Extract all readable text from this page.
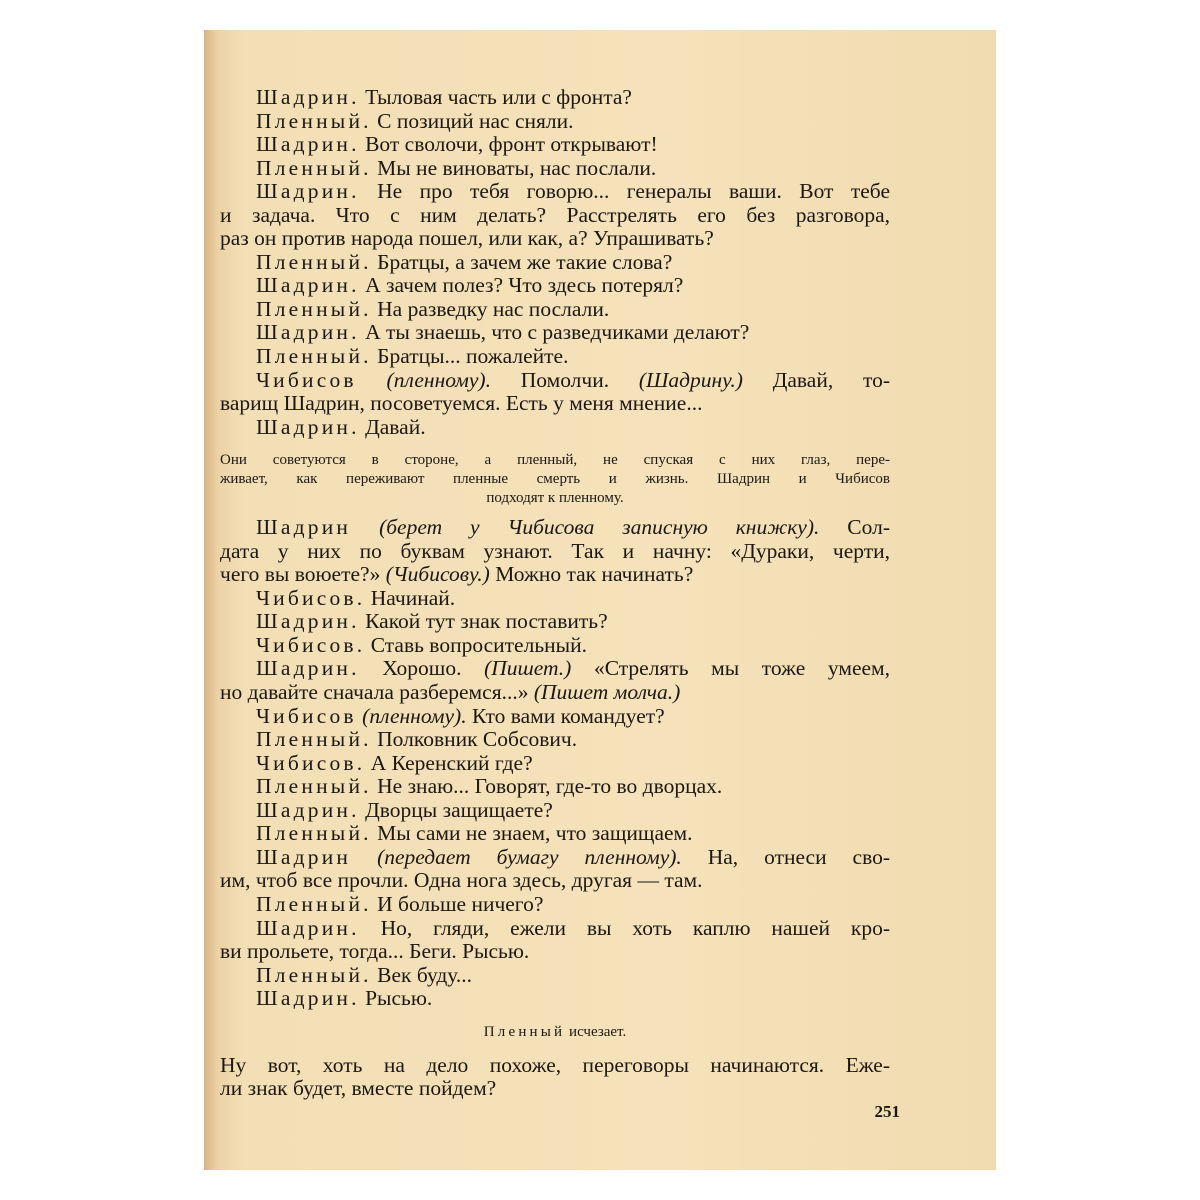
Шадрин. Тыловая часть или с фронта?
Пленный. С позиций нас сняли.
Шадрин. Вот сволочи, фронт открывают!
Пленный. Мы не виноваты, нас послали.
Шадрин. Не про тебя говорю... генералы ваши. Вот тебе
и задача. Что с ним делать? Расстрелять его без разговора,
раз он против народа пошел, или как, а? Упрашивать?
Пленный. Братцы, а зачем же такие слова?
Шадрин. А зачем полез? Что здесь потерял?
Пленный. На разведку нас послали.
Шадрин. А ты знаешь, что с разведчиками делают?
Пленный. Братцы... пожалейте.
Чибисов (пленному). Помолчи. (Шадрину.) Давай, то-
варищ Шадрин, посоветуемся. Есть у меня мнение...
Шадрин. Давай.
Они советуются в стороне, а пленный, не спуская с них глаз, пере-
живает, как переживают пленные смерть и жизнь. Шадрин и Чибисов
подходят к пленному.
Шадрин (берет у Чибисова записную книжку). Сол-
дата у них по буквам узнают. Так и начну: «Дураки, черти,
чего вы воюете?» (Чибисову.) Можно так начинать?
Чибисов. Начинай.
Шадрин. Какой тут знак поставить?
Чибисов. Ставь вопросительный.
Шадрин. Хорошо. (Пишет.) «Стрелять мы тоже умеем,
но давайте сначала разберемся...» (Пишет молча.)
Чибисов (пленному). Кто вами командует?
Пленный. Полковник Собсович.
Чибисов. А Керенский где?
Пленный. Не знаю... Говорят, где-то во дворцах.
Шадрин. Дворцы защищаете?
Пленный. Мы сами не знаем, что защищаем.
Шадрин (передает бумагу пленному). На, отнеси сво-
им, чтоб все прочли. Одна нога здесь, другая — там.
Пленный. И больше ничего?
Шадрин. Но, гляди, ежели вы хоть каплю нашей кро-
ви прольете, тогда... Беги. Рысью.
Пленный. Век буду...
Шадрин. Рысью.
Пленный исчезает.
Ну вот, хоть на дело похоже, переговоры начинаются. Еже-
ли знак будет, вместе пойдем?
251
